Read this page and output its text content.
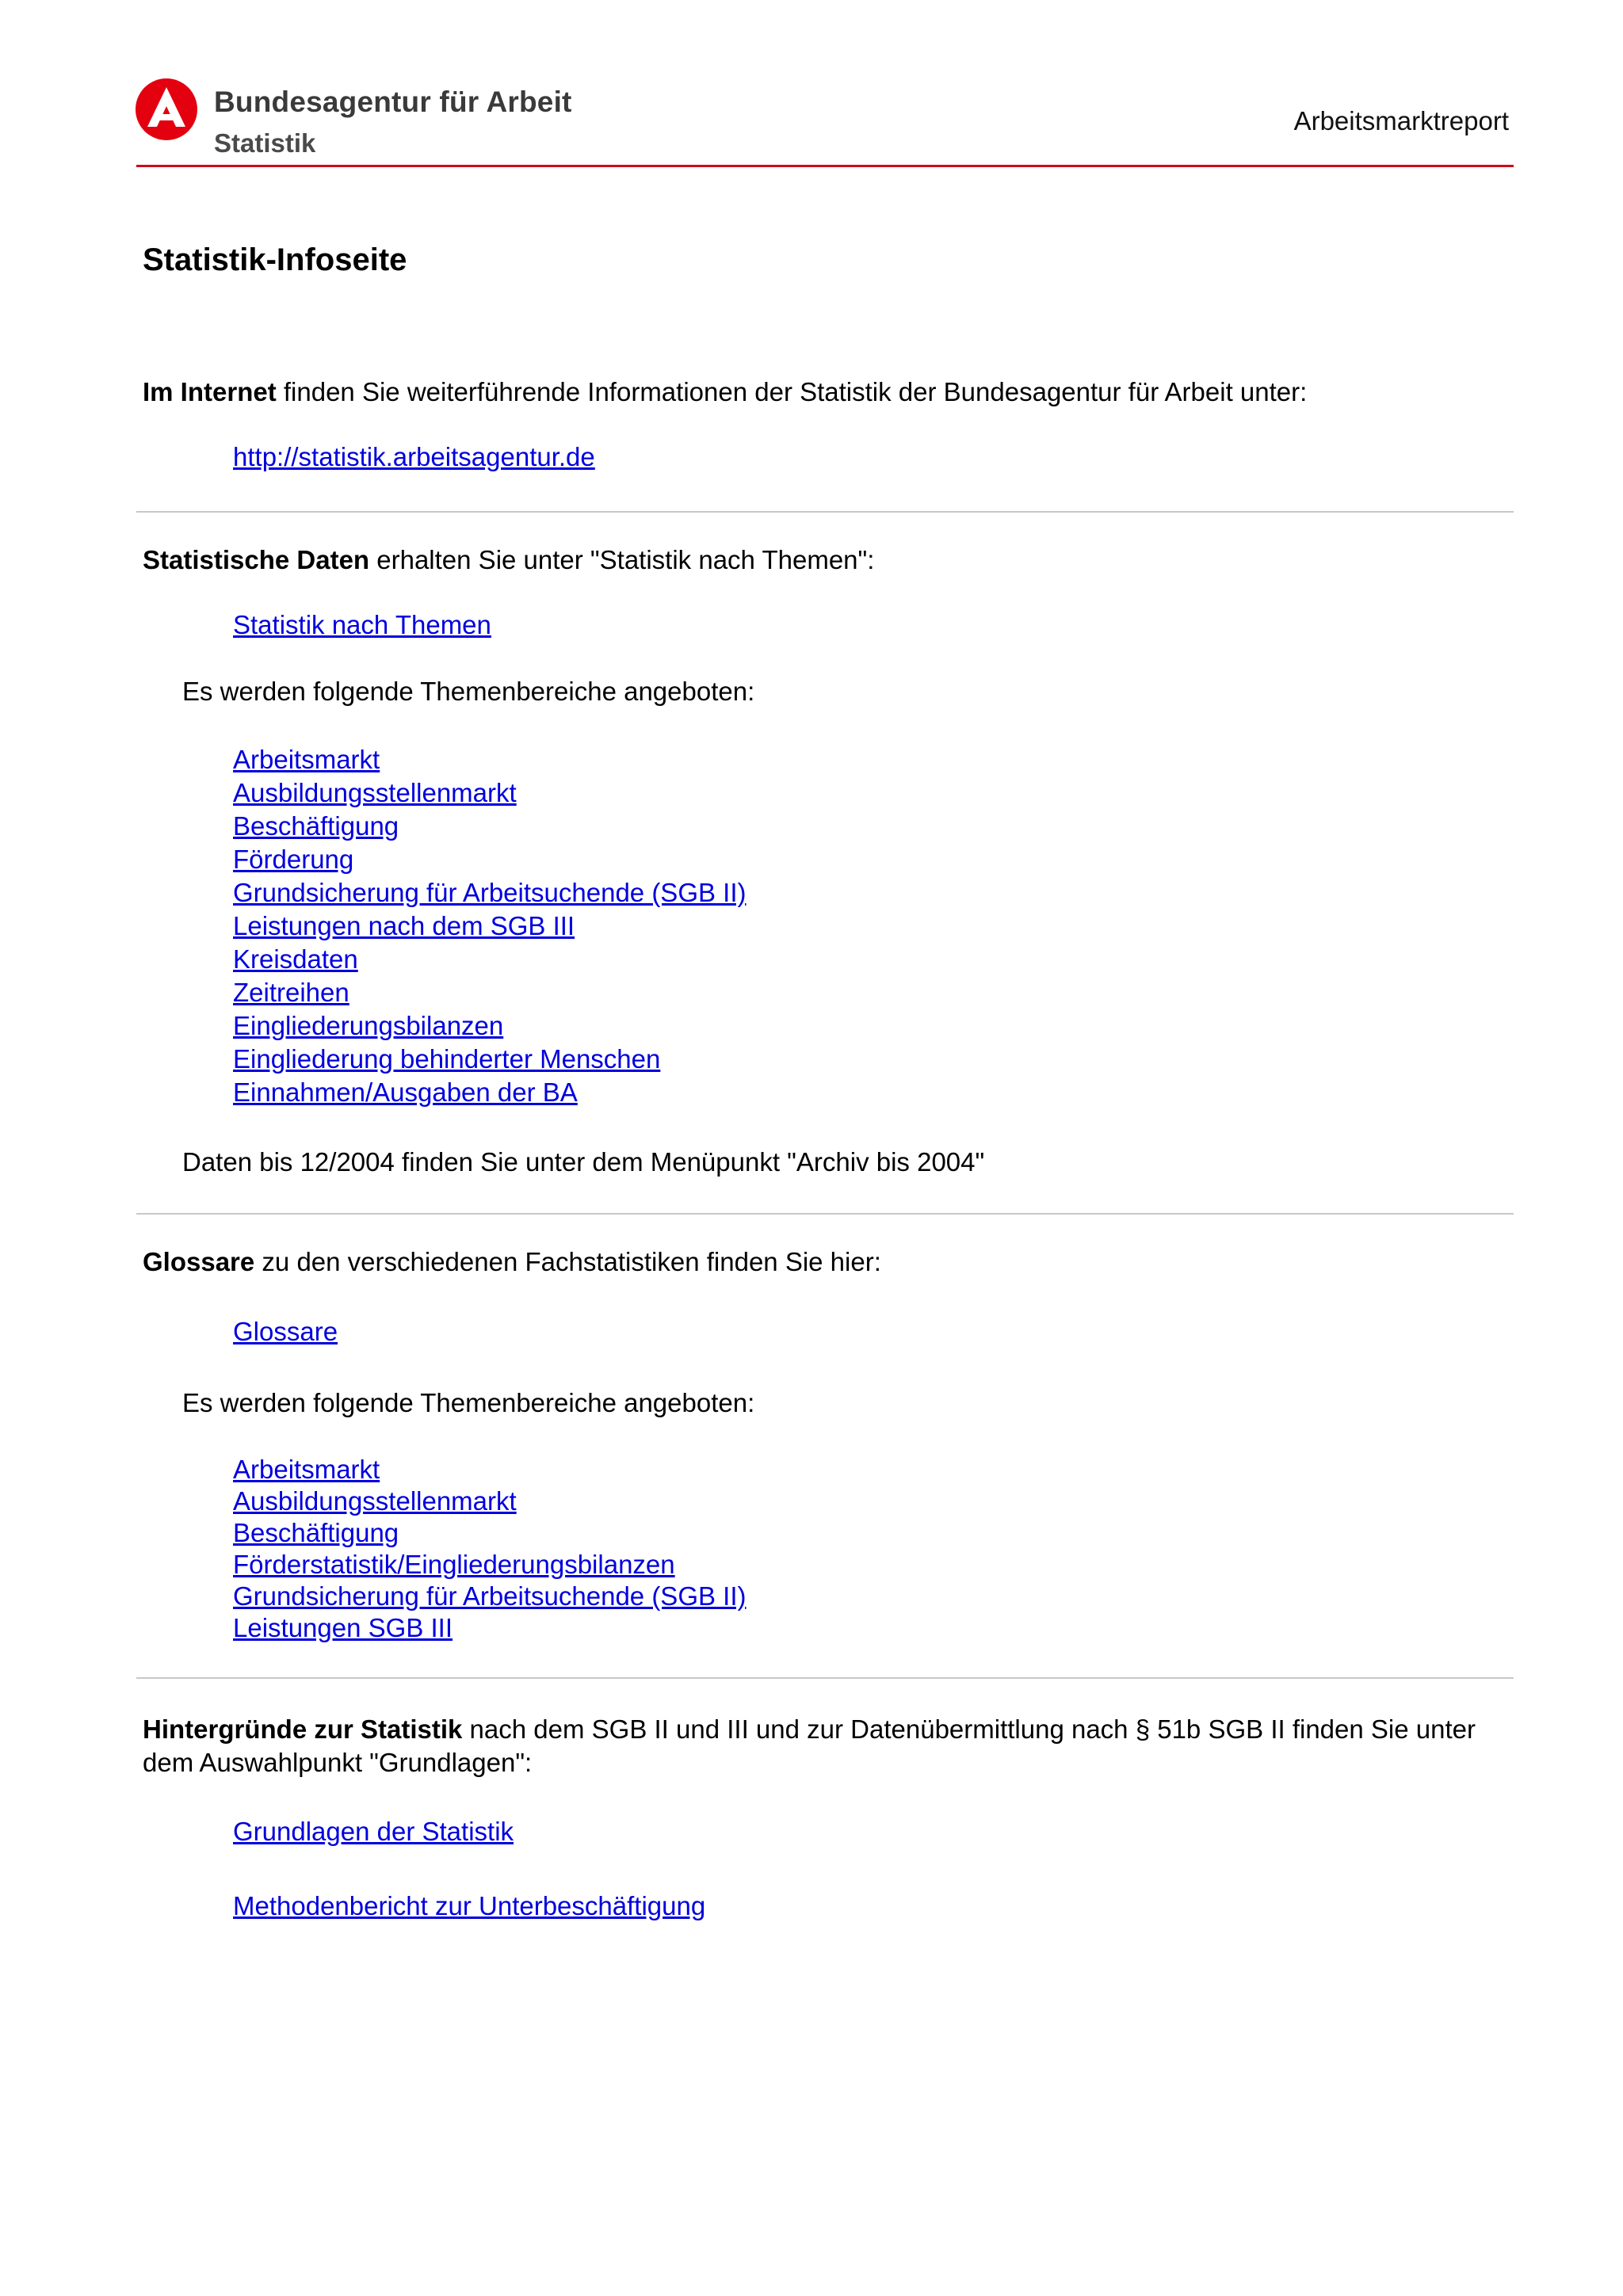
Bundesagentur für Arbeit
Statistik
Arbeitsmarktreport
Statistik-Infoseite
Im Internet finden Sie weiterführende Informationen der Statistik der Bundesagentur für Arbeit unter:
http://statistik.arbeitsagentur.de
Statistische Daten erhalten Sie unter "Statistik nach Themen":
Statistik nach Themen
Es werden folgende Themenbereiche angeboten:
Arbeitsmarkt
Ausbildungsstellenmarkt
Beschäftigung
Förderung
Grundsicherung für Arbeitsuchende (SGB II)
Leistungen nach dem SGB III
Kreisdaten
Zeitreihen
Eingliederungsbilanzen
Eingliederung behinderter Menschen
Einnahmen/Ausgaben der BA
Daten bis 12/2004 finden Sie unter dem Menüpunkt "Archiv bis 2004"
Glossare zu den verschiedenen Fachstatistiken finden Sie hier:
Glossare
Es werden folgende Themenbereiche angeboten:
Arbeitsmarkt
Ausbildungsstellenmarkt
Beschäftigung
Förderstatistik/Eingliederungsbilanzen
Grundsicherung für Arbeitsuchende (SGB II)
Leistungen SGB III
Hintergründe zur Statistik nach dem SGB II und III und zur Datenübermittlung nach § 51b SGB II finden Sie unter dem Auswahlpunkt "Grundlagen":
Grundlagen der Statistik
Methodenbericht zur Unterbeschäftigung
